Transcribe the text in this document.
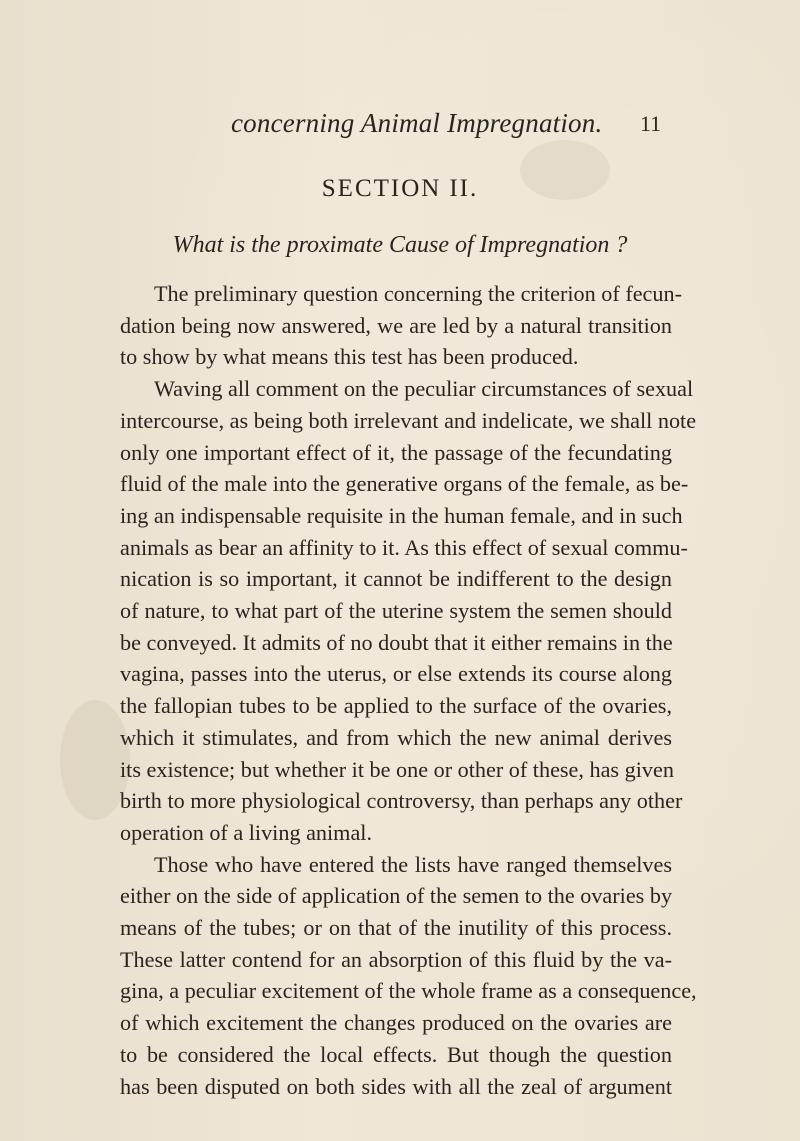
concerning Animal Impregnation. 11
SECTION II.
What is the proximate Cause of Impregnation ?
The preliminary question concerning the criterion of fecun-
dation being now answered, we are led by a natural transition
to show by what means this test has been produced.
Waving all comment on the peculiar circumstances of sexual
intercourse, as being both irrelevant and indelicate, we shall note
only one important effect of it, the passage of the fecundating
fluid of the male into the generative organs of the female, as be-
ing an indispensable requisite in the human female, and in such
animals as bear an affinity to it. As this effect of sexual commu-
nication is so important, it cannot be indifferent to the design
of nature, to what part of the uterine system the semen should
be conveyed. It admits of no doubt that it either remains in the
vagina, passes into the uterus, or else extends its course along
the fallopian tubes to be applied to the surface of the ovaries,
which it stimulates, and from which the new animal derives
its existence; but whether it be one or other of these, has given
birth to more physiological controversy, than perhaps any other
operation of a living animal.
Those who have entered the lists have ranged themselves
either on the side of application of the semen to the ovaries by
means of the tubes; or on that of the inutility of this process.
These latter contend for an absorption of this fluid by the va-
gina, a peculiar excitement of the whole frame as a consequence,
of which excitement the changes produced on the ovaries are
to be considered the local effects. But though the question
has been disputed on both sides with all the zeal of argument
